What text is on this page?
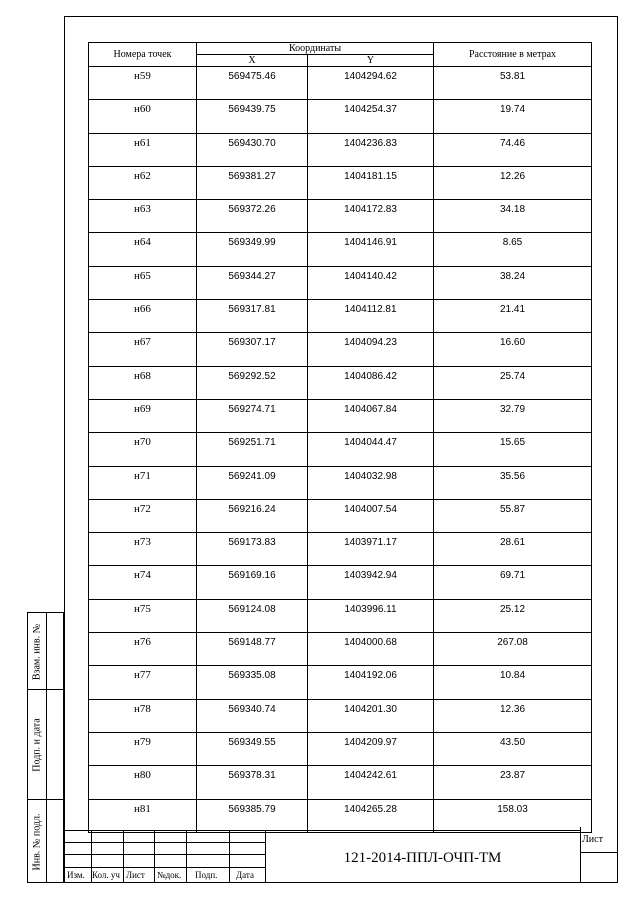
Взам. инв. №
Подп. и дата
Инв. № подл.
Номера точек	Координаты		Расстояние в метрах
	X	Y	
н59	569475.46	1404294.62	53.81
н60	569439.75	1404254.37	19.74
н61	569430.70	1404236.83	74.46
н62	569381.27	1404181.15	12.26
н63	569372.26	1404172.83	34.18
н64	569349.99	1404146.91	8.65
н65	569344.27	1404140.42	38.24
н66	569317.81	1404112.81	21.41
н67	569307.17	1404094.23	16.60
н68	569292.52	1404086.42	25.74
н69	569274.71	1404067.84	32.79
н70	569251.71	1404044.47	15.65
н71	569241.09	1404032.98	35.56
н72	569216.24	1404007.54	55.87
н73	569173.83	1403971.17	28.61
н74	569169.16	1403942.94	69.71
н75	569124.08	1403996.11	25.12
н76	569148.77	1404000.68	267.08
н77	569335.08	1404192.06	10.84
н78	569340.74	1404201.30	12.36
н79	569349.55	1404209.97	43.50
н80	569378.31	1404242.61	23.87
н81	569385.79	1404265.28	158.03
Изм. Кол. уч Лист №док. Подп. Дата
121-2014-ППЛ-ОЧП-ТМ
Лист
